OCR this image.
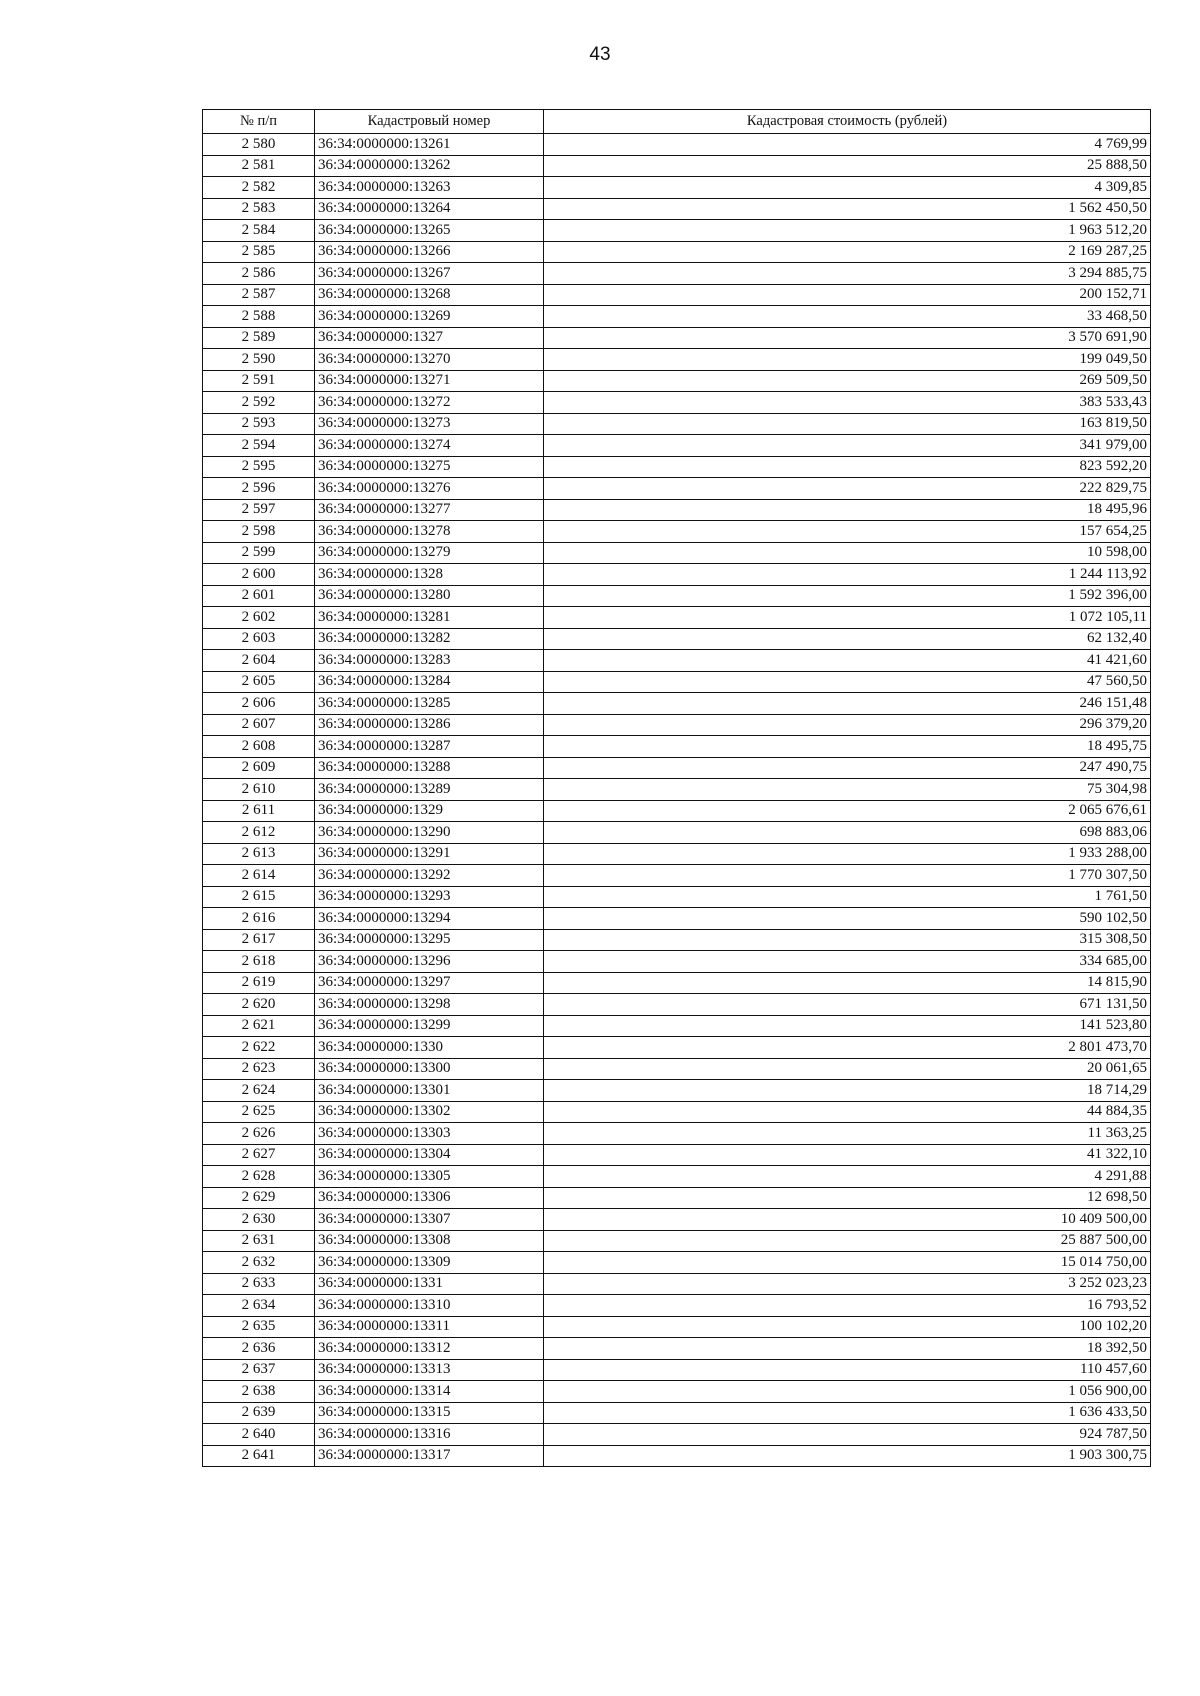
43
№ п/п	Кадастровый номер	Кадастровая стоимость (рублей)
2 580	36:34:0000000:13261	4 769,99
2 581	36:34:0000000:13262	25 888,50
2 582	36:34:0000000:13263	4 309,85
2 583	36:34:0000000:13264	1 562 450,50
2 584	36:34:0000000:13265	1 963 512,20
2 585	36:34:0000000:13266	2 169 287,25
2 586	36:34:0000000:13267	3 294 885,75
2 587	36:34:0000000:13268	200 152,71
2 588	36:34:0000000:13269	33 468,50
2 589	36:34:0000000:1327	3 570 691,90
2 590	36:34:0000000:13270	199 049,50
2 591	36:34:0000000:13271	269 509,50
2 592	36:34:0000000:13272	383 533,43
2 593	36:34:0000000:13273	163 819,50
2 594	36:34:0000000:13274	341 979,00
2 595	36:34:0000000:13275	823 592,20
2 596	36:34:0000000:13276	222 829,75
2 597	36:34:0000000:13277	18 495,96
2 598	36:34:0000000:13278	157 654,25
2 599	36:34:0000000:13279	10 598,00
2 600	36:34:0000000:1328	1 244 113,92
2 601	36:34:0000000:13280	1 592 396,00
2 602	36:34:0000000:13281	1 072 105,11
2 603	36:34:0000000:13282	62 132,40
2 604	36:34:0000000:13283	41 421,60
2 605	36:34:0000000:13284	47 560,50
2 606	36:34:0000000:13285	246 151,48
2 607	36:34:0000000:13286	296 379,20
2 608	36:34:0000000:13287	18 495,75
2 609	36:34:0000000:13288	247 490,75
2 610	36:34:0000000:13289	75 304,98
2 611	36:34:0000000:1329	2 065 676,61
2 612	36:34:0000000:13290	698 883,06
2 613	36:34:0000000:13291	1 933 288,00
2 614	36:34:0000000:13292	1 770 307,50
2 615	36:34:0000000:13293	1 761,50
2 616	36:34:0000000:13294	590 102,50
2 617	36:34:0000000:13295	315 308,50
2 618	36:34:0000000:13296	334 685,00
2 619	36:34:0000000:13297	14 815,90
2 620	36:34:0000000:13298	671 131,50
2 621	36:34:0000000:13299	141 523,80
2 622	36:34:0000000:1330	2 801 473,70
2 623	36:34:0000000:13300	20 061,65
2 624	36:34:0000000:13301	18 714,29
2 625	36:34:0000000:13302	44 884,35
2 626	36:34:0000000:13303	11 363,25
2 627	36:34:0000000:13304	41 322,10
2 628	36:34:0000000:13305	4 291,88
2 629	36:34:0000000:13306	12 698,50
2 630	36:34:0000000:13307	10 409 500,00
2 631	36:34:0000000:13308	25 887 500,00
2 632	36:34:0000000:13309	15 014 750,00
2 633	36:34:0000000:1331	3 252 023,23
2 634	36:34:0000000:13310	16 793,52
2 635	36:34:0000000:13311	100 102,20
2 636	36:34:0000000:13312	18 392,50
2 637	36:34:0000000:13313	110 457,60
2 638	36:34:0000000:13314	1 056 900,00
2 639	36:34:0000000:13315	1 636 433,50
2 640	36:34:0000000:13316	924 787,50
2 641	36:34:0000000:13317	1 903 300,75
